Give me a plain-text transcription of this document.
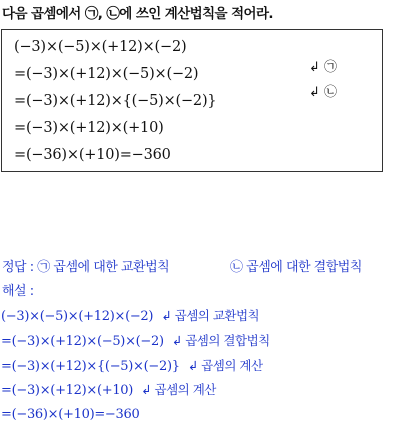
다음 곱셈에서 ㉠, ㉡에 쓰인 계산법칙을 적어라.
(−3)×(−5)×(+12)×(−2)
=(−3)×(+12)×(−5)×(−2)	↲ ㉠
=(−3)×(+12)×{(−5)×(−2)}
↲ ㉡
=(−3)×(+12)×(+10)
=(−36)×(+10)=−360
정답 : ㉠ 곱셈에 대한 교환법칙	㉡ 곱셈에 대한 결합법칙
해설 :
(−3)×(−5)×(+12)×(−2) ↲ 곱셈의 교환법칙
=(−3)×(+12)×(−5)×(−2) ↲ 곱셈의 결합법칙
=(−3)×(+12)×{(−5)×(−2)} ↲ 곱셈의 계산
=(−3)×(+12)×(+10) ↲ 곱셈의 계산
=(−36)×(+10)=−360
